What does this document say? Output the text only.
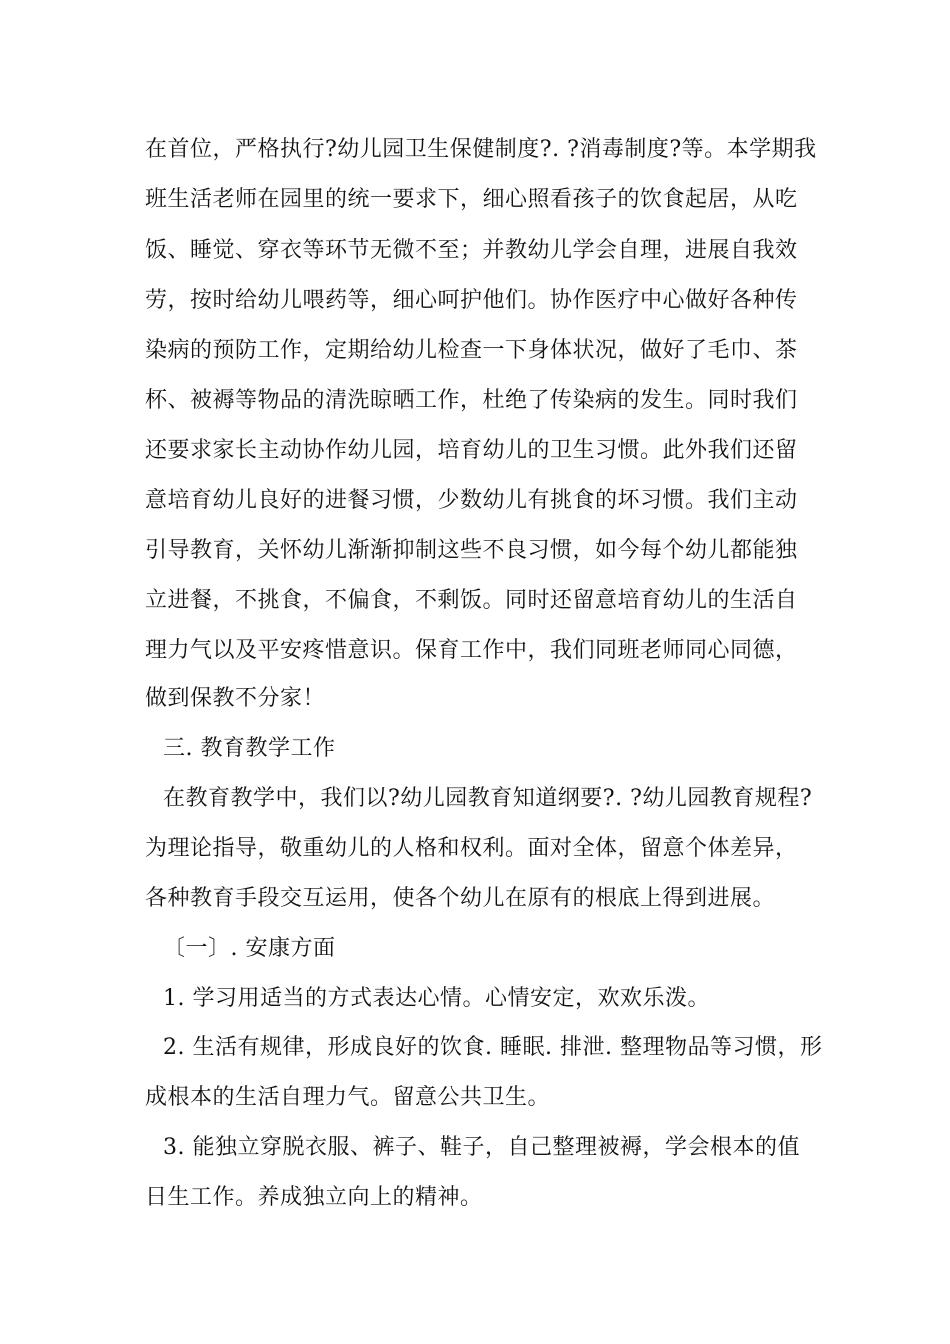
在首位，严格执行?幼儿园卫生保健制度?. ?消毒制度?等。本学期我
班生活老师在园里的统一要求下，细心照看孩子的饮食起居，从吃
饭、睡觉、穿衣等环节无微不至；并教幼儿学会自理，进展自我效
劳，按时给幼儿喂药等，细心呵护他们。协作医疗中心做好各种传
染病的预防工作，定期给幼儿检查一下身体状况，做好了毛巾、茶
杯、被褥等物品的清洗晾晒工作，杜绝了传染病的发生。同时我们
还要求家长主动协作幼儿园，培育幼儿的卫生习惯。此外我们还留
意培育幼儿良好的进餐习惯，少数幼儿有挑食的坏习惯。我们主动
引导教育，关怀幼儿渐渐抑制这些不良习惯，如今每个幼儿都能独
立进餐，不挑食，不偏食，不剩饭。同时还留意培育幼儿的生活自
理力气以及平安疼惜意识。保育工作中，我们同班老师同心同德，
做到保教不分家！
三. 教育教学工作
在教育教学中，我们以?幼儿园教育知道纲要?. ?幼儿园教育规程?
为理论指导，敬重幼儿的人格和权利。面对全体，留意个体差异，
各种教育手段交互运用，使各个幼儿在原有的根底上得到进展。
〔一〕. 安康方面
1. 学习用适当的方式表达心情。心情安定，欢欢乐泼。
2. 生活有规律，形成良好的饮食. 睡眠. 排泄. 整理物品等习惯，形
成根本的生活自理力气。留意公共卫生。
3. 能独立穿脱衣服、裤子、鞋子，自己整理被褥，学会根本的值
日生工作。养成独立向上的精神。
